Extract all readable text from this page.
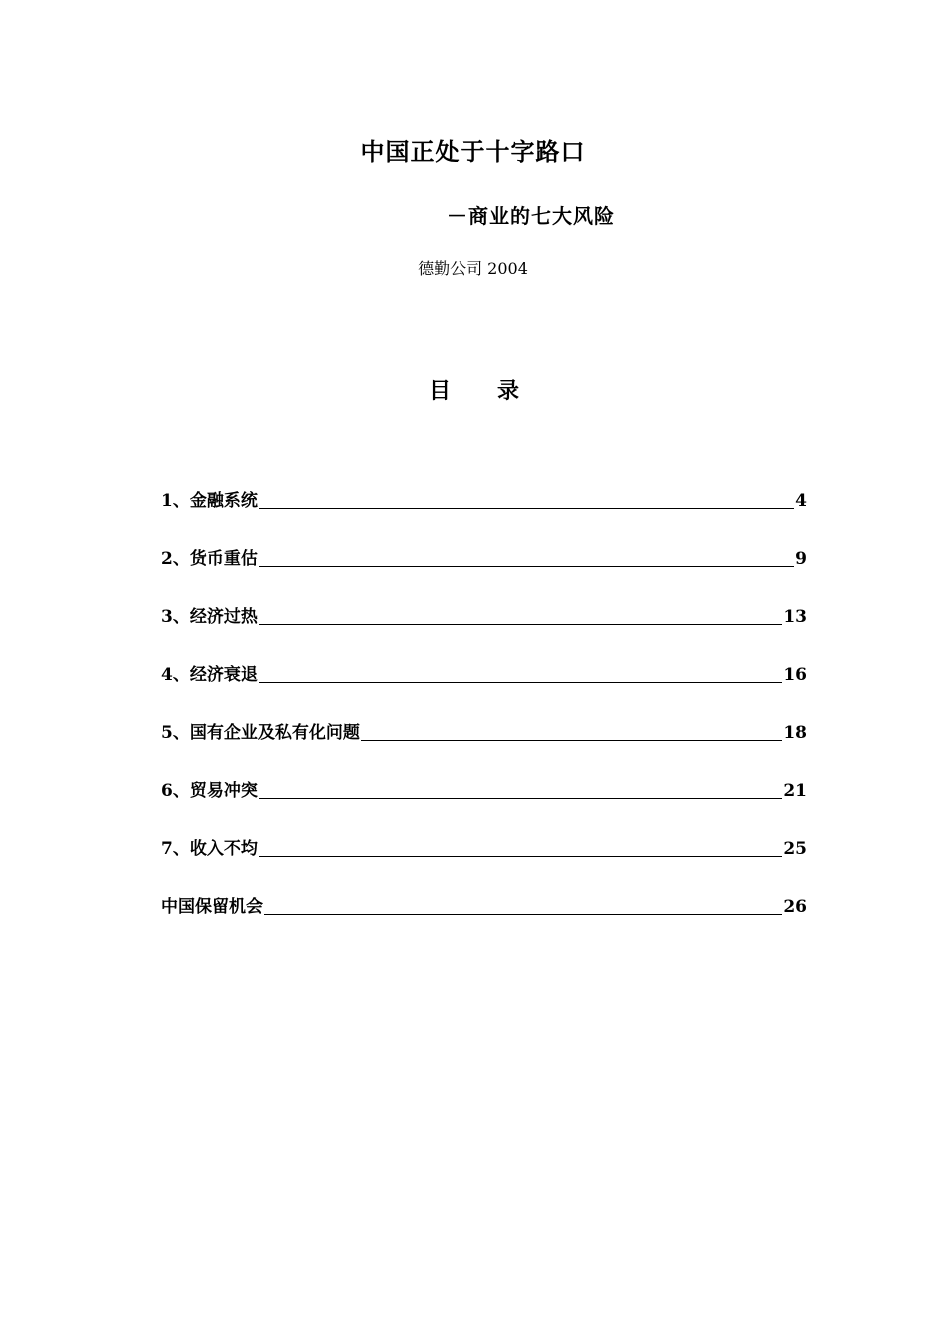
中国正处于十字路口
－商业的七大风险
德勤公司 2004
目 录
1、金融系统	4
2、货币重估	9
3、经济过热	13
4、经济衰退	16
5、国有企业及私有化问题	18
6、贸易冲突	21
7、收入不均	25
中国保留机会	26
